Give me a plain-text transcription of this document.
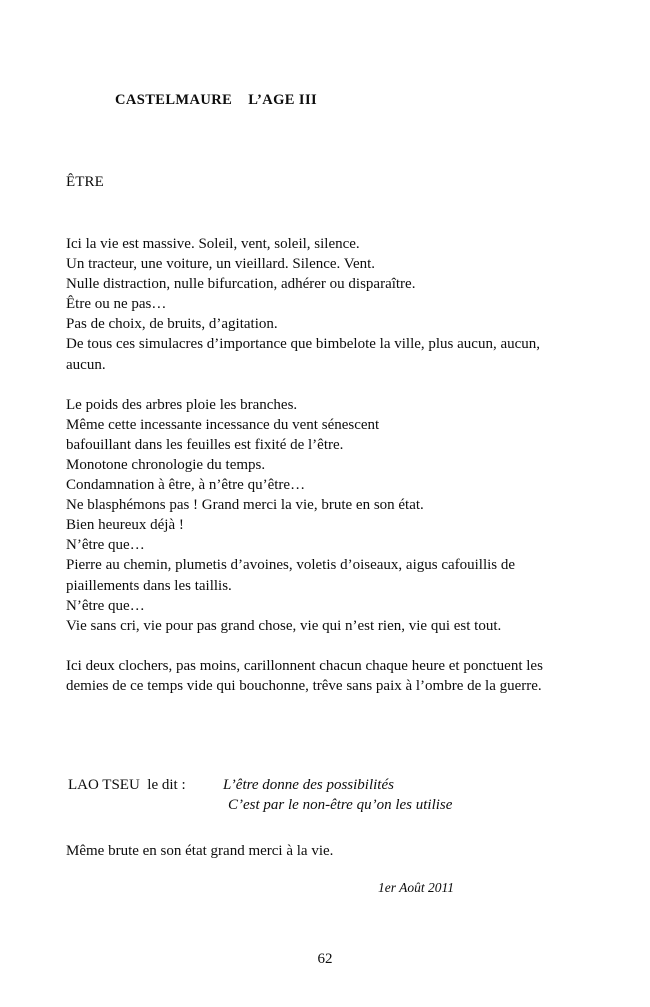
CASTELMAURE    L’AGE III
ÊTRE

Ici la vie est massive. Soleil, vent, soleil, silence.

Un tracteur, une voiture, un vieillard. Silence. Vent.

Nulle distraction, nulle bifurcation, adhérer ou disparaître.

Être ou ne pas…

Pas de choix, de bruits, d’agitation.

De tous ces simulacres d’importance que bimbelote la ville, plus aucun, aucun, aucun.

Le poids des arbres ploie les branches.

Même cette incessante incessance du vent sénescent

bafouillant dans les feuilles est fixité de l’être.

Monotone chronologie du temps.

Condamnation à être, à n’être qu’être…

Ne blasphémons pas ! Grand merci la vie, brute en son état.

Bien heureux déjà !

N’être que…

Pierre au chemin, plumetis d’avoines, voletis d’oiseaux, aigus cafouillis de piaillements dans les taillis.

N’être que…

Vie sans cri, vie pour pas grand chose, vie qui n’est rien, vie qui est tout.

Ici deux clochers, pas moins, carillonnent chacun chaque heure et ponctuent les demies de ce temps vide qui bouchonne, trêve sans paix à l’ombre de la guerre.

LAO TSEU  le dit :	L’être donne des possibilités
C’est par le non-être qu’on les utilise
Même brute en son état grand merci à la vie.
1er Août 2011
62
